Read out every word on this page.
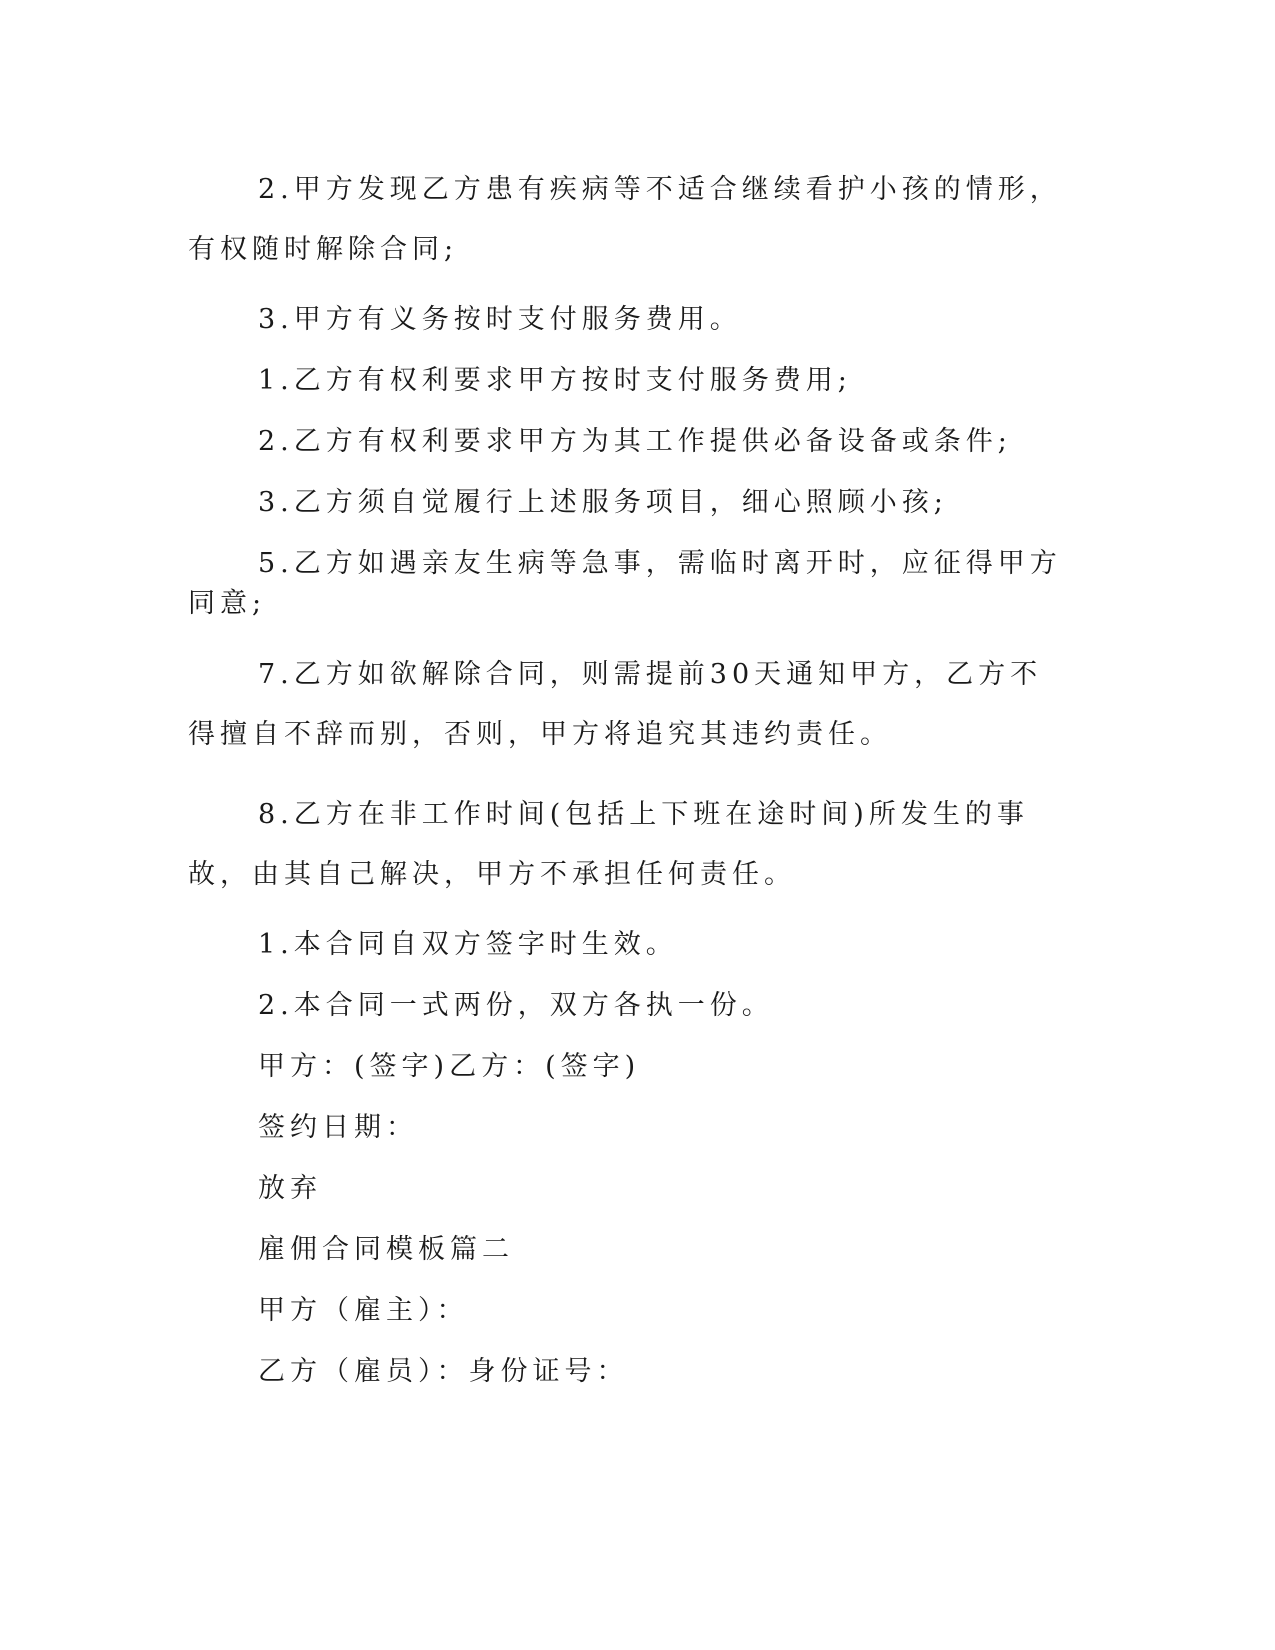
2.甲方发现乙方患有疾病等不适合继续看护小孩的情形，有权随时解除合同;

3.甲方有义务按时支付服务费用。

1.乙方有权利要求甲方按时支付服务费用;

2.乙方有权利要求甲方为其工作提供必备设备或条件;

3.乙方须自觉履行上述服务项目，细心照顾小孩;

5.乙方如遇亲友生病等急事，需临时离开时，应征得甲方同意;

7.乙方如欲解除合同，则需提前30天通知甲方，乙方不得擅自不辞而别，否则，甲方将追究其违约责任。

8.乙方在非工作时间(包括上下班在途时间)所发生的事故，由其自己解决，甲方不承担任何责任。

1.本合同自双方签字时生效。

2.本合同一式两份，双方各执一份。

甲方：(签字)乙方：(签字)

签约日期：

放弃

雇佣合同模板篇二

甲方（雇主）：

乙方（雇员）：身份证号：
